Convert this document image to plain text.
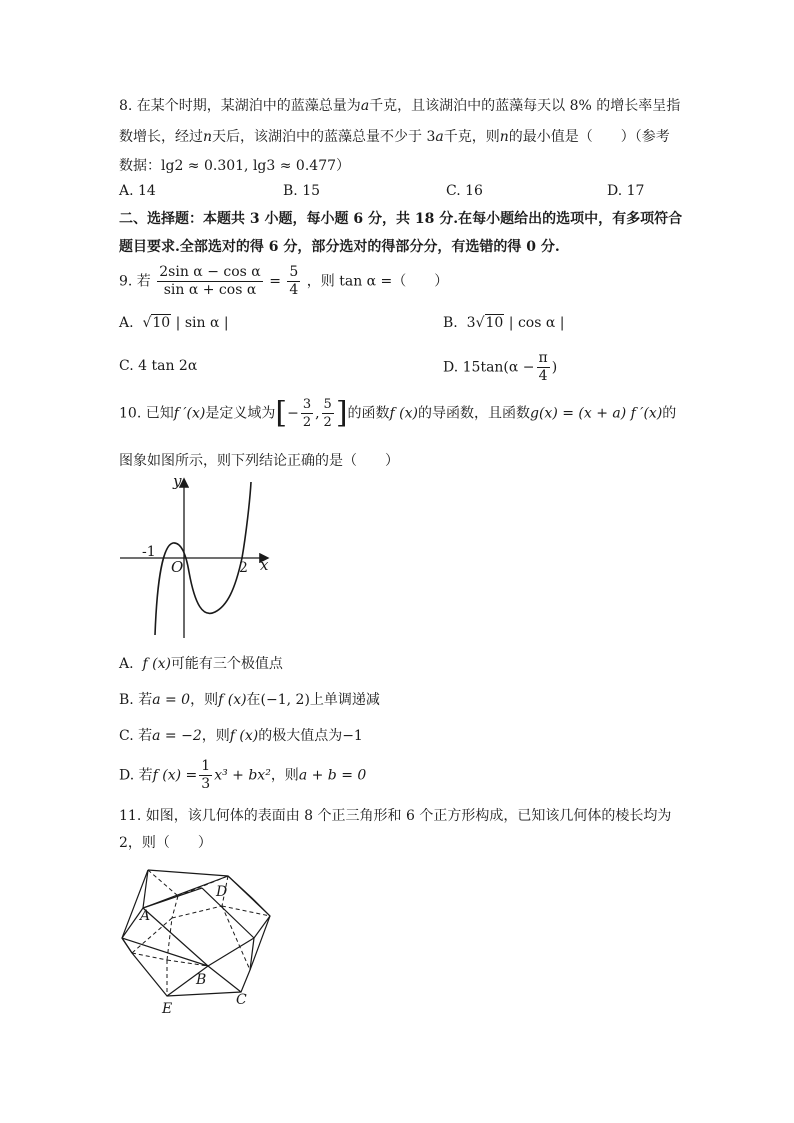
8. 在某个时期，某湖泊中的蓝藻总量为a千克，且该湖泊中的蓝藻每天以 8% 的增长率呈指
数增长，经过n天后，该湖泊中的蓝藻总量不少于 3a千克，则n的最小值是（　　）（参考
数据：lg2 ≈ 0.301, lg3 ≈ 0.477）
A. 14	B. 15	C. 16	D. 17
二、选择题：本题共 3 小题，每小题 6 分，共 18 分.在每小题给出的选项中，有多项符合
题目要求.全部选对的得 6 分，部分选对的得部分分，有选错的得 0 分.
9. 若 $\frac{\text{2sin α − cos α}}{\text{sin α + cos α}} = \frac{5}{4}$ ，则 tan α =（　　）
A.  √10 | sin α |	B. 3√10 | cos α |
C. 4 tan 2α	D. $15\tan(\alpha - \frac{\pi}{4}$ )
10. 已知f ′(x)是定义域为[− $\frac{3}{2}$ , $\frac{5}{2}$ ]的函数f (x)的导函数，且函数g(x) = (x + a) f ′(x)的
图象如图所示，则下列结论正确的是（　　）
y
x
O
-1
2
A. f (x)可能有三个极值点
B. 若a = 0，则f (x)在(−1, 2)上单调递减
C. 若a = −2，则f (x)的极大值点为−1
D. 若f $(x) = \frac{1}{3} x^3 + bx^2$，则a + b = 0
11. 如图，该几何体的表面由 8 个正三角形和 6 个正方形构成，已知该几何体的棱长均为
2，则（　　）
A
B
C
D
E
